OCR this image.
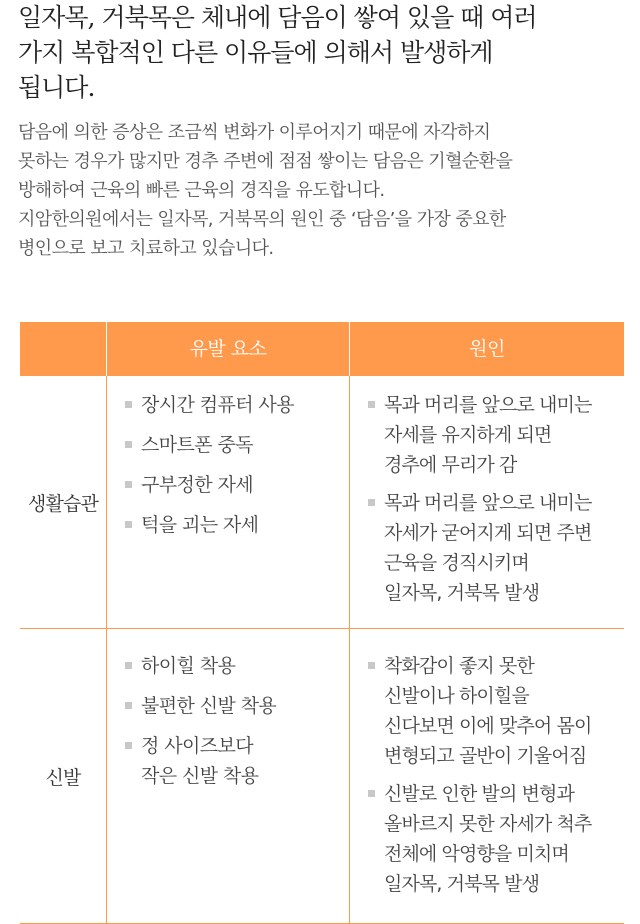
일자목, 거북목은 체내에 담음이 쌓여 있을 때 여러
가지 복합적인 다른 이유들에 의해서 발생하게
됩니다.

담음에 의한 증상은 조금씩 변화가 이루어지기 때문에 자각하지
못하는 경우가 많지만 경추 주변에 점점 쌓이는 담음은 기혈순환을
방해하여 근육의 빠른 근육의 경직을 유도합니다.
지암한의원에서는 일자목, 거북목의 원인 중 ‘담음’을 가장 중요한
병인으로 보고 치료하고 있습니다.

유발 요소	원인
생활습관
장시간 컴퓨터 사용
스마트폰 중독
구부정한 자세
턱을 괴는 자세
목과 머리를 앞으로 내미는
자세를 유지하게 되면
경추에 무리가 감
목과 머리를 앞으로 내미는
자세가 굳어지게 되면 주변
근육을 경직시키며
일자목, 거북목 발생
신발
하이힐 착용
불편한 신발 착용
정 사이즈보다
작은 신발 착용
착화감이 좋지 못한
신발이나 하이힐을
신다보면 이에 맞추어 몸이
변형되고 골반이 기울어짐
신발로 인한 발의 변형과
올바르지 못한 자세가 척추
전체에 악영향을 미치며
일자목, 거북목 발생
